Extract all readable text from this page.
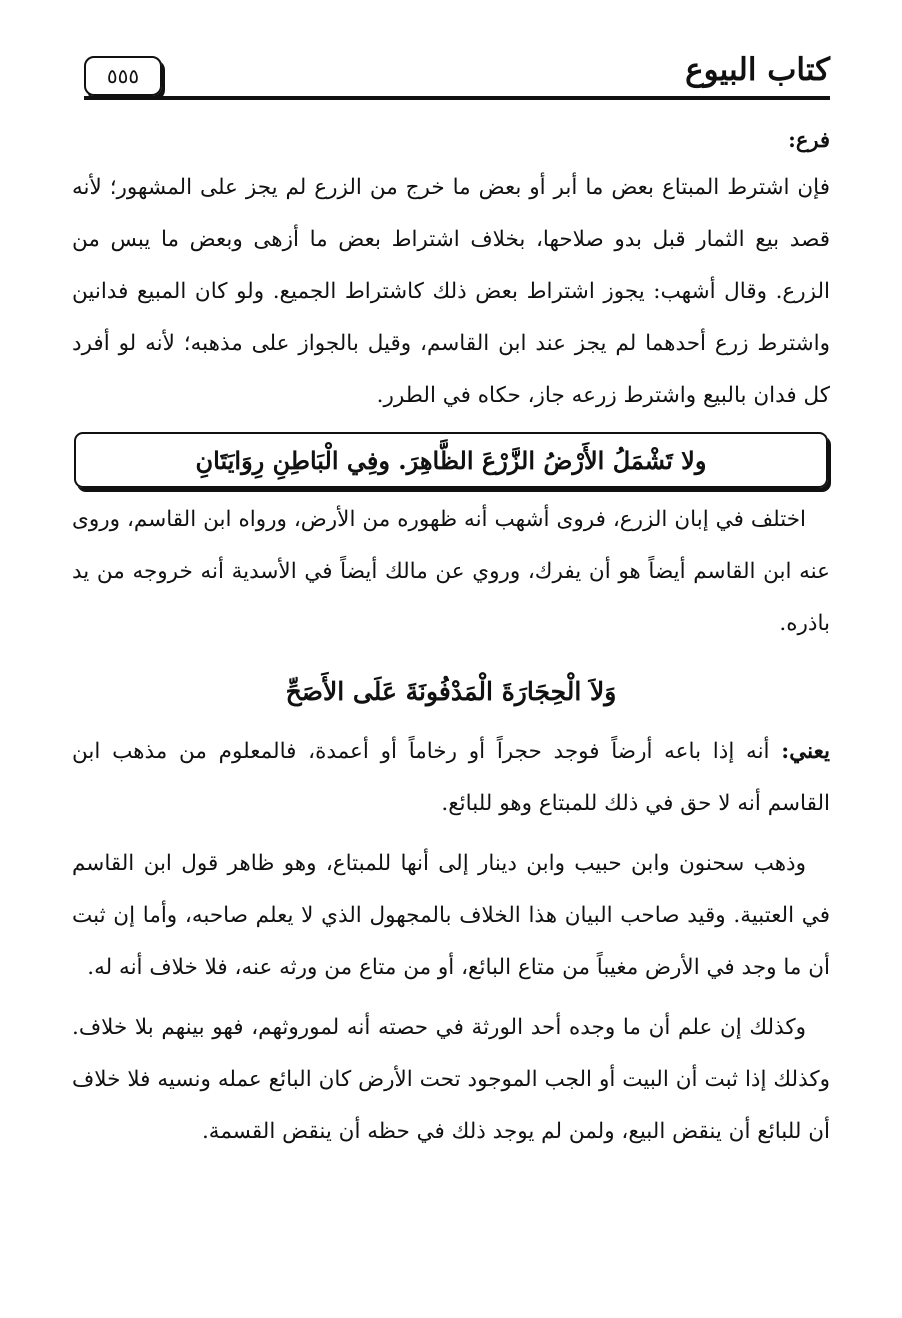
كتاب البيوع
٥٥٥
فرع:

فإن اشترط المبتاع بعض ما أبر أو بعض ما خرج من الزرع لم يجز على المشهور؛ لأنه قصد بيع الثمار قبل بدو صلاحها، بخلاف اشتراط بعض ما أزهى وبعض ما يبس من الزرع. وقال أشهب: يجوز اشتراط بعض ذلك كاشتراط الجميع. ولو كان المبيع فدانين واشترط زرع أحدهما لم يجز عند ابن القاسم، وقيل بالجواز على مذهبه؛ لأنه لو أفرد كل فدان بالبيع واشترط زرعه جاز، حكاه في الطرر.

ولا تَشْمَلُ الأَرْضُ الزَّرْعَ الظَّاهِرَ. وفِي الْبَاطِنِ رِوَايَتَانِ

اختلف في إبان الزرع، فروى أشهب أنه ظهوره من الأرض، ورواه ابن القاسم، وروى عنه ابن القاسم أيضاً هو أن يفرك، وروي عن مالك أيضاً في الأسدية أنه خروجه من يد باذره.

وَلاَ الْحِجَارَةَ الْمَدْفُونَةَ عَلَى الأَصَحِّ

يعني: أنه إذا باعه أرضاً فوجد حجراً أو رخاماً أو أعمدة، فالمعلوم من مذهب ابن القاسم أنه لا حق في ذلك للمبتاع وهو للبائع.

وذهب سحنون وابن حبيب وابن دينار إلى أنها للمبتاع، وهو ظاهر قول ابن القاسم في العتبية. وقيد صاحب البيان هذا الخلاف بالمجهول الذي لا يعلم صاحبه، وأما إن ثبت أن ما وجد في الأرض مغيباً من متاع البائع، أو من متاع من ورثه عنه، فلا خلاف أنه له.

وكذلك إن علم أن ما وجده أحد الورثة في حصته أنه لموروثهم، فهو بينهم بلا خلاف. وكذلك إذا ثبت أن البيت أو الجب الموجود تحت الأرض كان البائع عمله ونسيه فلا خلاف أن للبائع أن ينقض البيع، ولمن لم يوجد ذلك في حظه أن ينقض القسمة.
